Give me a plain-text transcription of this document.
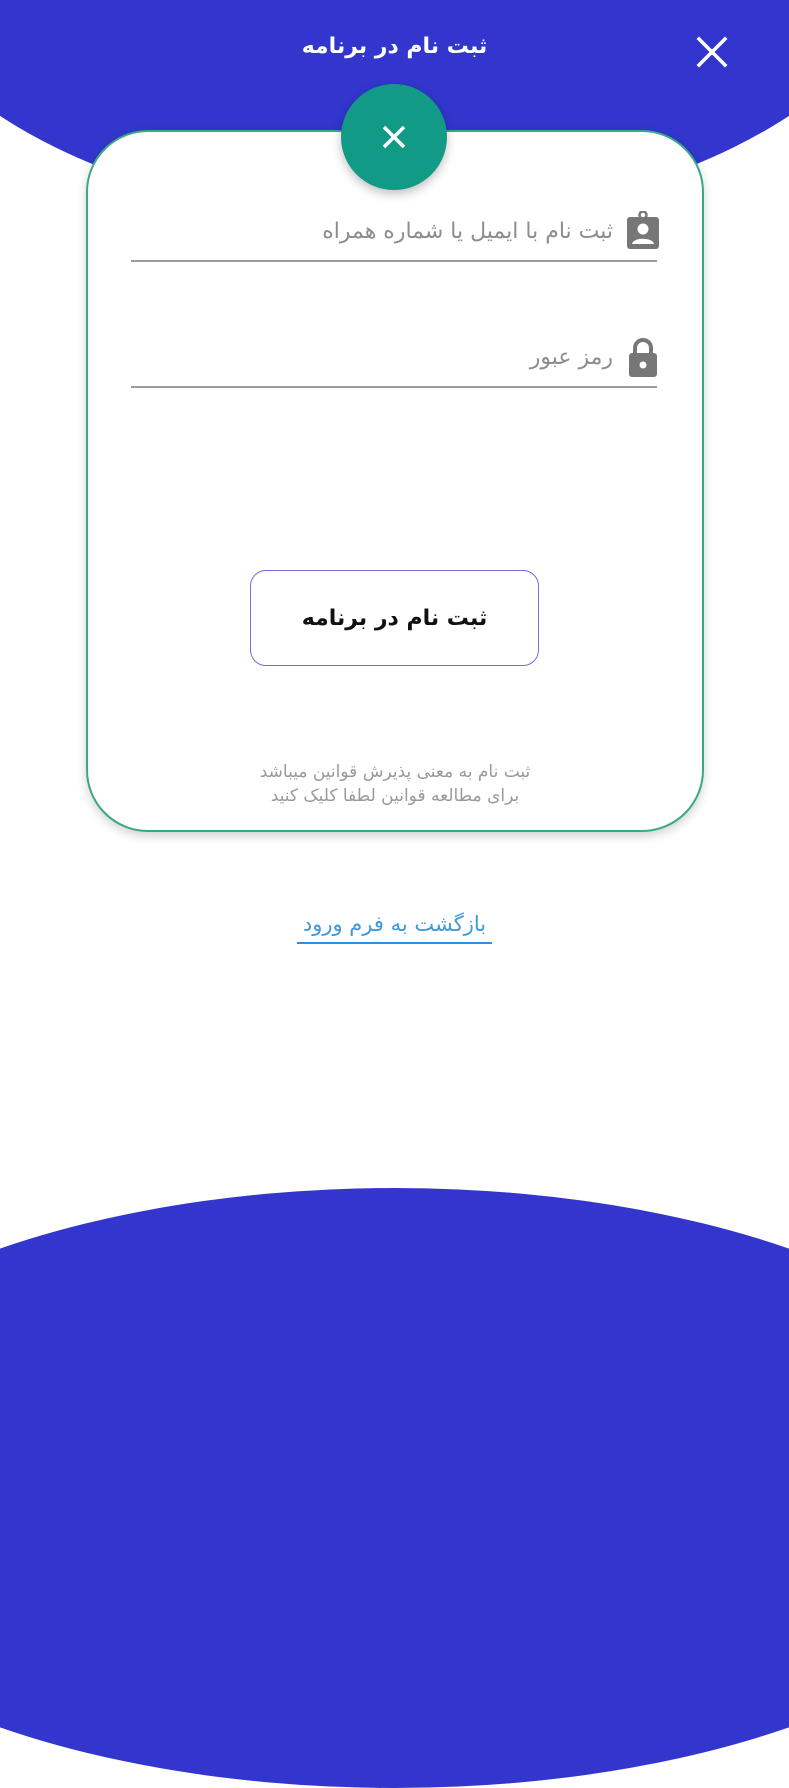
ثبت نام در برنامه
ثبت نام با ایمیل یا شماره همراه
رمز عبور
ثبت نام در برنامه
ثبت نام به معنی پذیرش قوانین میباشد
برای مطالعه قوانین لطفا کلیک کنید
بازگشت به فرم ورود
